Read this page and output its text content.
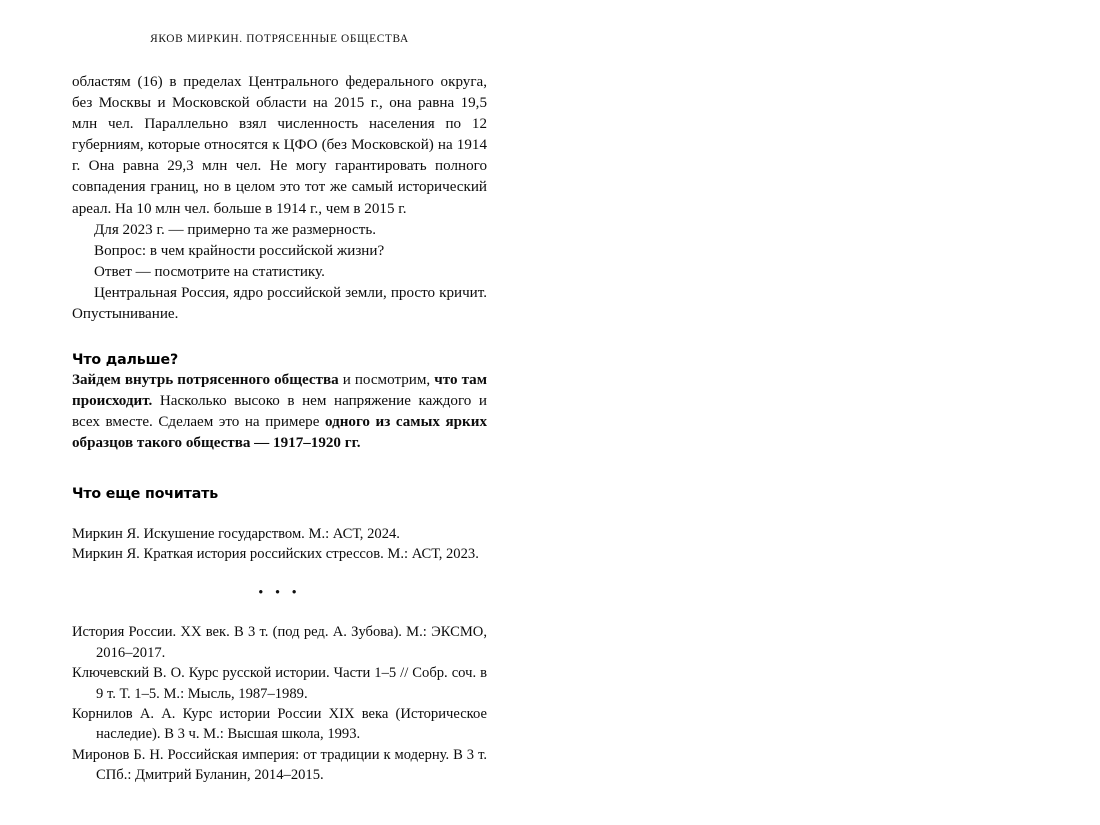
ЯКОВ МИРКИН. ПОТРЯСЕННЫЕ ОБЩЕСТВА

областям (16) в пределах Центрального федерального округа, без Москвы и Московской области на 2015 г., она равна 19,5 млн чел. Параллельно взял численность населения по 12 губерниям, которые относятся к ЦФО (без Московской) на 1914 г. Она равна 29,3 млн чел. Не могу гарантировать полного совпадения границ, но в целом это тот же самый исторический ареал. На 10 млн чел. больше в 1914 г., чем в 2015 г.

Для 2023 г. — примерно та же размерность.

Вопрос: в чем крайности российской жизни?

Ответ — посмотрите на статистику.

Центральная Россия, ядро российской земли, просто кричит. Опустынивание.

Что дальше?

Зайдем внутрь потрясенного общества и посмотрим, что там происходит. Насколько высоко в нем напряжение каждого и всех вместе. Сделаем это на примере одного из самых ярких образцов такого общества — 1917–1920 гг.

Что еще почитать

Миркин Я. Искушение государством. М.: АСТ, 2024.

Миркин Я. Краткая история российских стрессов. М.: АСТ, 2023.

• • •

История России. XX век. В 3 т. (под ред. А. Зубова). М.: ЭКСМО, 2016–2017.

Ключевский В. О. Курс русской истории. Части 1–5 // Собр. соч. в 9 т. Т. 1–5. М.: Мысль, 1987–1989.

Корнилов А. А. Курс истории России XIX века (Историческое наследие). В 3 ч. М.: Высшая школа, 1993.

Миронов Б. Н. Российская империя: от традиции к модерну. В 3 т. СПб.: Дмитрий Буланин, 2014–2015.
